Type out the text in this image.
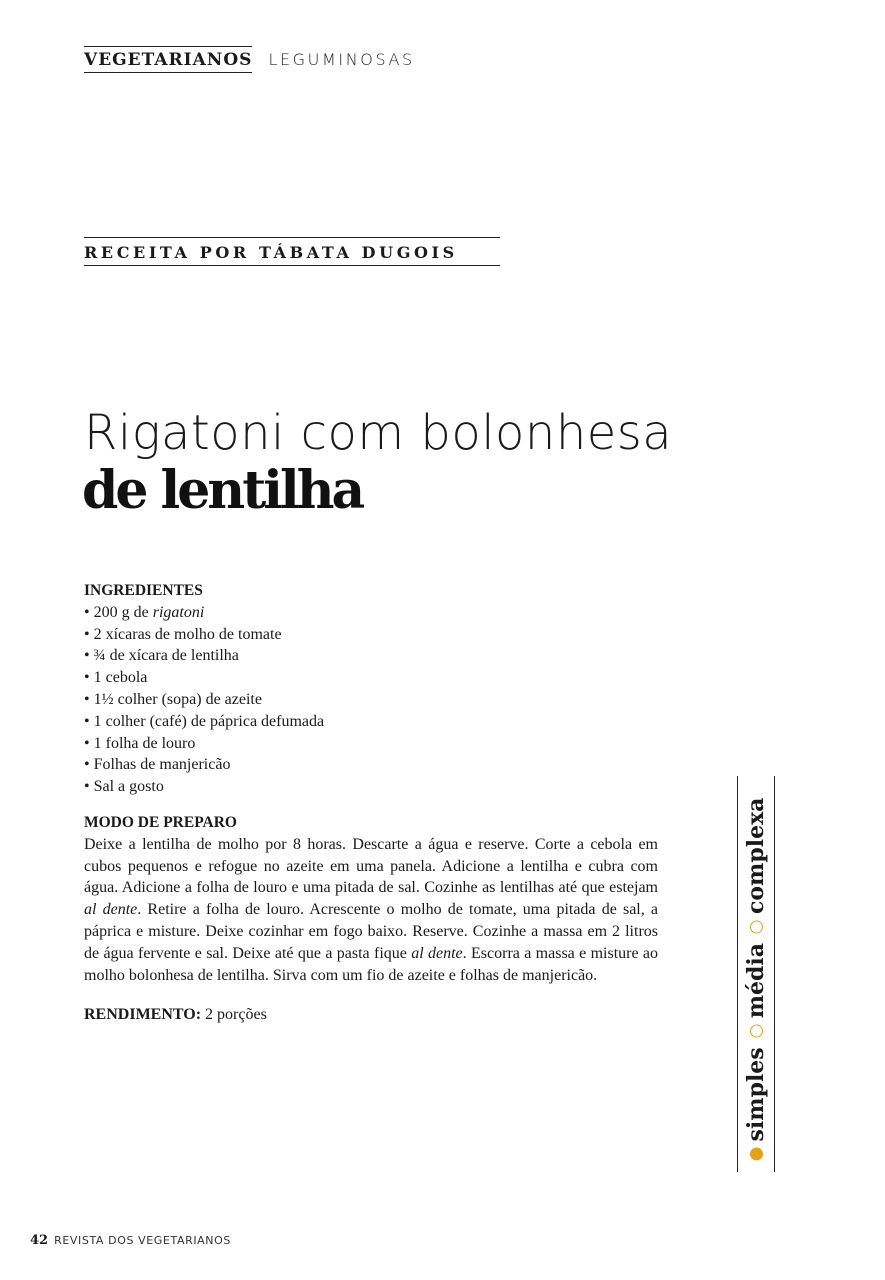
VEGETARIANOS LEGUMINOSAS
RECEITA POR TÁBATA DUGOIS
Rigatoni com bolonhesa
de lentilha
INGREDIENTES
• 200 g de rigatoni
• 2 xícaras de molho de tomate
• ¾ de xícara de lentilha
• 1 cebola
• 1½ colher (sopa) de azeite
• 1 colher (café) de páprica defumada
• 1 folha de louro
• Folhas de manjericão
• Sal a gosto
MODO DE PREPARO

Deixe a lentilha de molho por 8 horas. Descarte a água e reserve. Corte a cebola em cubos pequenos e refogue no azeite em uma panela. Adicione a lentilha e cubra com água. Adicione a folha de louro e uma pitada de sal. Cozinhe as lentilhas até que estejam al dente. Retire a folha de louro. Acrescente o molho de tomate, uma pitada de sal, a páprica e misture. Deixe cozinhar em fogo baixo. Reserve. Cozinhe a massa em 2 litros de água fervente e sal. Deixe até que a pasta fique al dente. Escorra a massa e misture ao molho bolonhesa de lentilha. Sirva com um fio de azeite e folhas de manjericão.

RENDIMENTO: 2 porções
simples
média
complexa
42 REVISTA DOS VEGETARIANOS
